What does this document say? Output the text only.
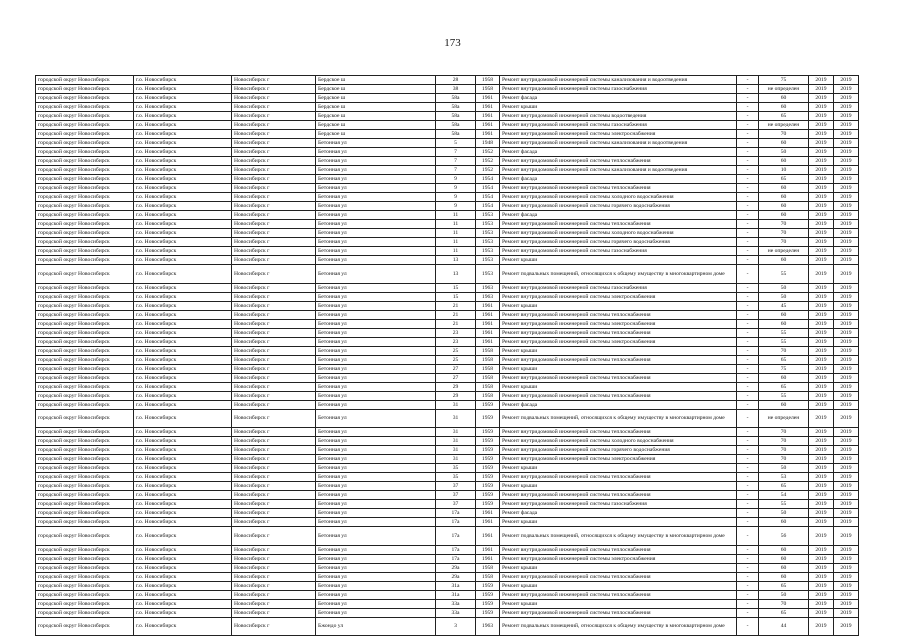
173
городской округ Новосибирск	г.о. Новосибирск	Новосибирск г	Бердское ш	28	1958	Ремонт внутридомовой инженерной системы канализования и водоотведения	-	75	2019	2019
городской округ Новосибирск	г.о. Новосибирск	Новосибирск г	Бердское ш	38	1958	Ремонт внутридомовой инженерной системы газоснабжения	-	не определен	2019	2019
городской округ Новосибирск	г.о. Новосибирск	Новосибирск г	Бердское ш	58а	1961	Ремонт фасада	-	60	2019	2019
городской округ Новосибирск	г.о. Новосибирск	Новосибирск г	Бердское ш	58а	1961	Ремонт крыши	-	60	2019	2019
городской округ Новосибирск	г.о. Новосибирск	Новосибирск г	Бердское ш	58а	1961	Ремонт внутридомовой инженерной системы водоотведения	-	65	2019	2019
городской округ Новосибирск	г.о. Новосибирск	Новосибирск г	Бердское ш	58а	1961	Ремонт внутридомовой инженерной системы газоснабжения	-	не определен	2019	2019
городской округ Новосибирск	г.о. Новосибирск	Новосибирск г	Бердское ш	58а	1961	Ремонт внутридомовой инженерной системы электроснабжения	-	70	2019	2019
городской округ Новосибирск	г.о. Новосибирск	Новосибирск г	Бетонная ул	5	1948	Ремонт внутридомовой инженерной системы канализования и водоотведения	-	60	2019	2019
городской округ Новосибирск	г.о. Новосибирск	Новосибирск г	Бетонная ул	7	1952	Ремонт фасада	-	50	2019	2019
городской округ Новосибирск	г.о. Новосибирск	Новосибирск г	Бетонная ул	7	1952	Ремонт внутридомовой инженерной системы теплоснабжения	-	60	2019	2019
городской округ Новосибирск	г.о. Новосибирск	Новосибирск г	Бетонная ул	7	1952	Ремонт внутридомовой инженерной системы канализования и водоотведения	-	10	2019	2019
городской округ Новосибирск	г.о. Новосибирск	Новосибирск г	Бетонная ул	9	1954	Ремонт фасада	-	65	2019	2019
городской округ Новосибирск	г.о. Новосибирск	Новосибирск г	Бетонная ул	9	1954	Ремонт внутридомовой инженерной системы теплоснабжения	-	60	2019	2019
городской округ Новосибирск	г.о. Новосибирск	Новосибирск г	Бетонная ул	9	1954	Ремонт внутридомовой инженерной системы холодного водоснабжения	-	60	2019	2019
городской округ Новосибирск	г.о. Новосибирск	Новосибирск г	Бетонная ул	9	1954	Ремонт внутридомовой инженерной системы горячего водоснабжения	-	60	2019	2019
городской округ Новосибирск	г.о. Новосибирск	Новосибирск г	Бетонная ул	11	1953	Ремонт фасада	-	60	2019	2019
городской округ Новосибирск	г.о. Новосибирск	Новосибирск г	Бетонная ул	11	1953	Ремонт внутридомовой инженерной системы теплоснабжения	-	70	2019	2019
городской округ Новосибирск	г.о. Новосибирск	Новосибирск г	Бетонная ул	11	1953	Ремонт внутридомовой инженерной системы холодного водоснабжения	-	70	2019	2019
городской округ Новосибирск	г.о. Новосибирск	Новосибирск г	Бетонная ул	11	1953	Ремонт внутридомовой инженерной системы горячего водоснабжения	-	70	2019	2019
городской округ Новосибирск	г.о. Новосибирск	Новосибирск г	Бетонная ул	11	1953	Ремонт внутридомовой инженерной системы газоснабжения	-	не определен	2019	2019
городской округ Новосибирск	г.о. Новосибирск	Новосибирск г	Бетонная ул	13	1953	Ремонт крыши	-	60	2019	2019
городской округ Новосибирск	г.о. Новосибирск	Новосибирск г	Бетонная ул	13	1953	Ремонт подвальных помещений, относящихся к общему имуществу в многоквартирном доме	-	55	2019	2019
городской округ Новосибирск	г.о. Новосибирск	Новосибирск г	Бетонная ул	15	1963	Ремонт внутридомовой инженерной системы газоснабжения	-	50	2019	2019
городской округ Новосибирск	г.о. Новосибирск	Новосибирск г	Бетонная ул	15	1963	Ремонт внутридомовой инженерной системы электроснабжения	-	50	2019	2019
городской округ Новосибирск	г.о. Новосибирск	Новосибирск г	Бетонная ул	21	1961	Ремонт крыши	-	45	2019	2019
городской округ Новосибирск	г.о. Новосибирск	Новосибирск г	Бетонная ул	21	1961	Ремонт внутридомовой инженерной системы теплоснабжения	-	60	2019	2019
городской округ Новосибирск	г.о. Новосибирск	Новосибирск г	Бетонная ул	21	1961	Ремонт внутридомовой инженерной системы электроснабжения	-	60	2019	2019
городской округ Новосибирск	г.о. Новосибирск	Новосибирск г	Бетонная ул	23	1961	Ремонт внутридомовой инженерной системы теплоснабжения	-	55	2019	2019
городской округ Новосибирск	г.о. Новосибирск	Новосибирск г	Бетонная ул	23	1961	Ремонт внутридомовой инженерной системы электроснабжения	-	55	2019	2019
городской округ Новосибирск	г.о. Новосибирск	Новосибирск г	Бетонная ул	25	1958	Ремонт крыши	-	70	2019	2019
городской округ Новосибирск	г.о. Новосибирск	Новосибирск г	Бетонная ул	25	1958	Ремонт внутридомовой инженерной системы теплоснабжения	-	65	2019	2019
городской округ Новосибирск	г.о. Новосибирск	Новосибирск г	Бетонная ул	27	1958	Ремонт крыши	-	75	2019	2019
городской округ Новосибирск	г.о. Новосибирск	Новосибирск г	Бетонная ул	27	1958	Ремонт внутридомовой инженерной системы теплоснабжения	-	60	2019	2019
городской округ Новосибирск	г.о. Новосибирск	Новосибирск г	Бетонная ул	29	1958	Ремонт крыши	-	65	2019	2019
городской округ Новосибирск	г.о. Новосибирск	Новосибирск г	Бетонная ул	29	1958	Ремонт внутридомовой инженерной системы теплоснабжения	-	55	2019	2019
городской округ Новосибирск	г.о. Новосибирск	Новосибирск г	Бетонная ул	31	1959	Ремонт фасада	-	60	2019	2019
городской округ Новосибирск	г.о. Новосибирск	Новосибирск г	Бетонная ул	31	1959	Ремонт подвальных помещений, относящихся к общему имуществу в многоквартирном доме	-	не определен	2019	2019
городской округ Новосибирск	г.о. Новосибирск	Новосибирск г	Бетонная ул	31	1959	Ремонт внутридомовой инженерной системы теплоснабжения	-	70	2019	2019
городской округ Новосибирск	г.о. Новосибирск	Новосибирск г	Бетонная ул	31	1959	Ремонт внутридомовой инженерной системы холодного водоснабжения	-	70	2019	2019
городской округ Новосибирск	г.о. Новосибирск	Новосибирск г	Бетонная ул	31	1959	Ремонт внутридомовой инженерной системы горячего водоснабжения	-	70	2019	2019
городской округ Новосибирск	г.о. Новосибирск	Новосибирск г	Бетонная ул	31	1959	Ремонт внутридомовой инженерной системы электроснабжения	-	70	2019	2019
городской округ Новосибирск	г.о. Новосибирск	Новосибирск г	Бетонная ул	35	1959	Ремонт крыши	-	50	2019	2019
городской округ Новосибирск	г.о. Новосибирск	Новосибирск г	Бетонная ул	35	1959	Ремонт внутридомовой инженерной системы теплоснабжения	-	53	2019	2019
городской округ Новосибирск	г.о. Новосибирск	Новосибирск г	Бетонная ул	37	1959	Ремонт крыши	-	65	2019	2019
городской округ Новосибирск	г.о. Новосибирск	Новосибирск г	Бетонная ул	37	1959	Ремонт внутридомовой инженерной системы теплоснабжения	-	54	2019	2019
городской округ Новосибирск	г.о. Новосибирск	Новосибирск г	Бетонная ул	37	1959	Ремонт внутридомовой инженерной системы газоснабжения	-	55	2019	2019
городской округ Новосибирск	г.о. Новосибирск	Новосибирск г	Бетонная ул	17а	1961	Ремонт фасада	-	50	2019	2019
городской округ Новосибирск	г.о. Новосибирск	Новосибирск г	Бетонная ул	17а	1961	Ремонт крыши	-	60	2019	2019
городской округ Новосибирск	г.о. Новосибирск	Новосибирск г	Бетонная ул	17а	1961	Ремонт подвальных помещений, относящихся к общему имуществу в многоквартирном доме	-	56	2019	2019
городской округ Новосибирск	г.о. Новосибирск	Новосибирск г	Бетонная ул	17а	1961	Ремонт внутридомовой инженерной системы теплоснабжения	-	60	2019	2019
городской округ Новосибирск	г.о. Новосибирск	Новосибирск г	Бетонная ул	17а	1961	Ремонт внутридомовой инженерной системы электроснабжения	-	60	2019	2019
городской округ Новосибирск	г.о. Новосибирск	Новосибирск г	Бетонная ул	29а	1958	Ремонт крыши	-	60	2019	2019
городской округ Новосибирск	г.о. Новосибирск	Новосибирск г	Бетонная ул	29а	1958	Ремонт внутридомовой инженерной системы теплоснабжения	-	60	2019	2019
городской округ Новосибирск	г.о. Новосибирск	Новосибирск г	Бетонная ул	31а	1959	Ремонт крыши	-	65	2019	2019
городской округ Новосибирск	г.о. Новосибирск	Новосибирск г	Бетонная ул	31а	1959	Ремонт внутридомовой инженерной системы теплоснабжения	-	50	2019	2019
городской округ Новосибирск	г.о. Новосибирск	Новосибирск г	Бетонная ул	33а	1959	Ремонт крыши	-	70	2019	2019
городской округ Новосибирск	г.о. Новосибирск	Новосибирск г	Бетонная ул	33а	1959	Ремонт внутридомовой инженерной системы теплоснабжения	-	65	2019	2019
городской округ Новосибирск	г.о. Новосибирск	Новосибирск г	Бжондо ул	3	1963	Ремонт подвальных помещений, относящихся к общему имуществу в многоквартирном доме	-	44	2019	2019
